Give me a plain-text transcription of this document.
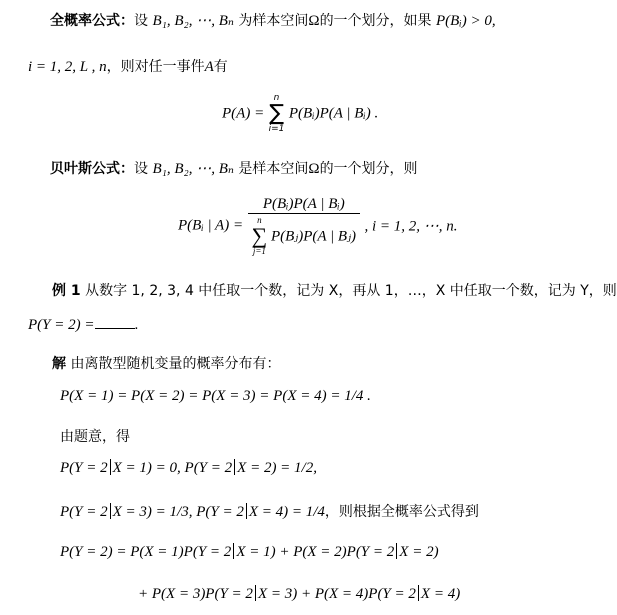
全概率公式：设 B₁, B₂, ⋯, Bₙ 为样本空间Ω的一个划分，如果 P(Bᵢ) > 0,
i = 1, 2, L , n，则对任一事件A有
P(A) =
n
∑
i=1
P(Bᵢ)P(A | Bᵢ) .
贝叶斯公式：设 B₁, B₂, ⋯, Bₙ 是样本空间Ω的一个划分，则
P(Bᵢ | A) = P(Bᵢ)P(A | Bᵢ)
n
∑
j=1
P(Bⱼ)P(A | Bⱼ) , i = 1, 2, ⋯, n.
例 1 从数字 1, 2, 3, 4 中任取一个数，记为 X，再从 1，…，X 中任取一个数，记为 Y，则
P(Y = 2) =	.
解 由离散型随机变量的概率分布有：
P(X = 1) = P(X = 2) = P(X = 3) = P(X = 4) = 1/4 .
由题意，得
P(Y = 2 X = 1) = 0, P(Y = 2 X = 2) = 1/2,
P(Y = 2 X = 3) = 1/3, P(Y = 2 X = 4) = 1/4，则根据全概率公式得到
P(Y = 2) = P(X = 1)P(Y = 2 X = 1) + P(X = 2)P(Y = 2 X = 2)
+ P(X = 3)P(Y = 2 X = 3) + P(X = 4)P(Y = 2 X = 4)
